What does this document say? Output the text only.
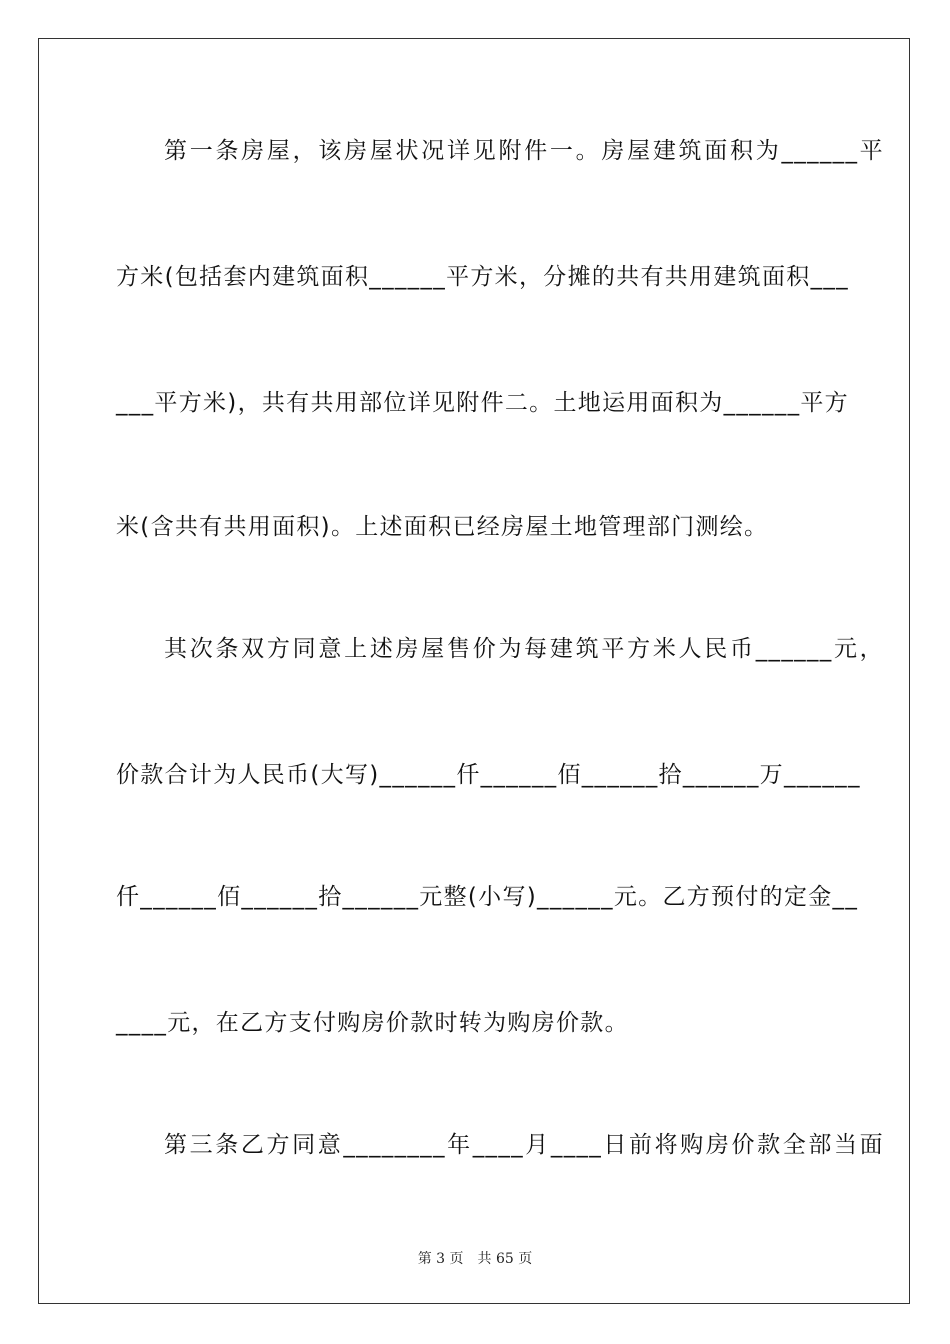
第一条房屋，该房屋状况详见附件一。房屋建筑面积为______平
方米(包括套内建筑面积______平方米，分摊的共有共用建筑面积___
___平方米)，共有共用部位详见附件二。土地运用面积为______平方
米(含共有共用面积)。上述面积已经房屋土地管理部门测绘。
其次条双方同意上述房屋售价为每建筑平方米人民币______元，
价款合计为人民币(大写)______仟______佰______拾______万______
仟______佰______拾______元整(小写)______元。乙方预付的定金__
____元，在乙方支付购房价款时转为购房价款。
第三条乙方同意________年____月____日前将购房价款全部当面
第 3 页 共 65 页
